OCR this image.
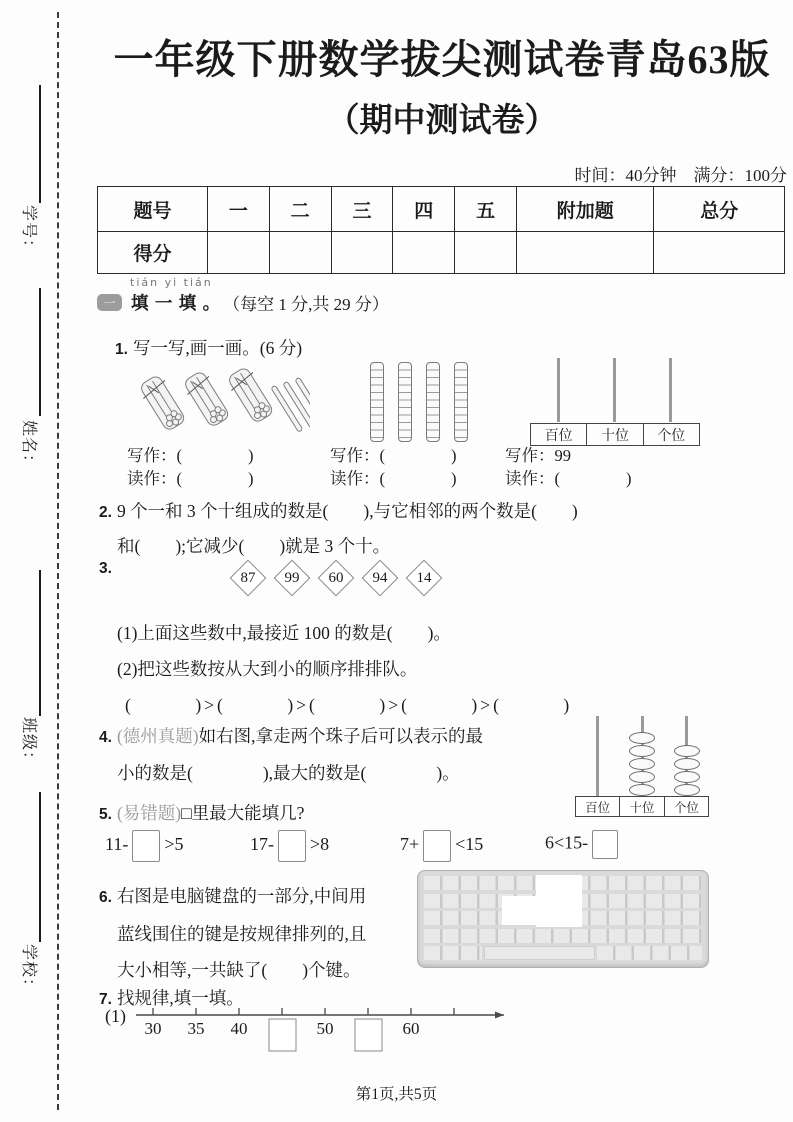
学号：
姓名：
班级：
学校：
一年级下册数学拔尖测试卷青岛63版
（期中测试卷）
时间：40分钟　满分：100分
题号	一	二	三	四	五	附加题	总分
得分							
tián yi tián
一 填 一 填 。 （每空 1 分,共 29 分）
1. 写一写,画一画。(6 分)
百位	十位	个位
写作：(　　　　)
读作：(　　　　)
写作：(　　　　)
读作：(　　　　)
写作：99
读作：(　　　　)
2. 9 个一和 3 个十组成的数是(　　),与它相邻的两个数是(　　)
和(　　);它减少(　　)就是 3 个十。
3.
87 99 60 94 14
(1)上面这些数中,最接近 100 的数是(　　)。
(2)把这些数按从大到小的顺序排排队。
(　　　)>(　　　)>(　　　)>(　　　)>(　　　)
4. (德州真题)如右图,拿走两个珠子后可以表示的最
小的数是(　　　　),最大的数是(　　　　)。
百位	十位	个位
5. (易错题)□里最大能填几?
11- >5	17- >8	7+ <15	6<15-
6. 右图是电脑键盘的一部分,中间用
蓝线围住的键是按规律排列的,且
大小相等,一共缺了(　　)个键。
7. 找规律,填一填。
(1)
30 35 40	50	60
第1页,共5页
